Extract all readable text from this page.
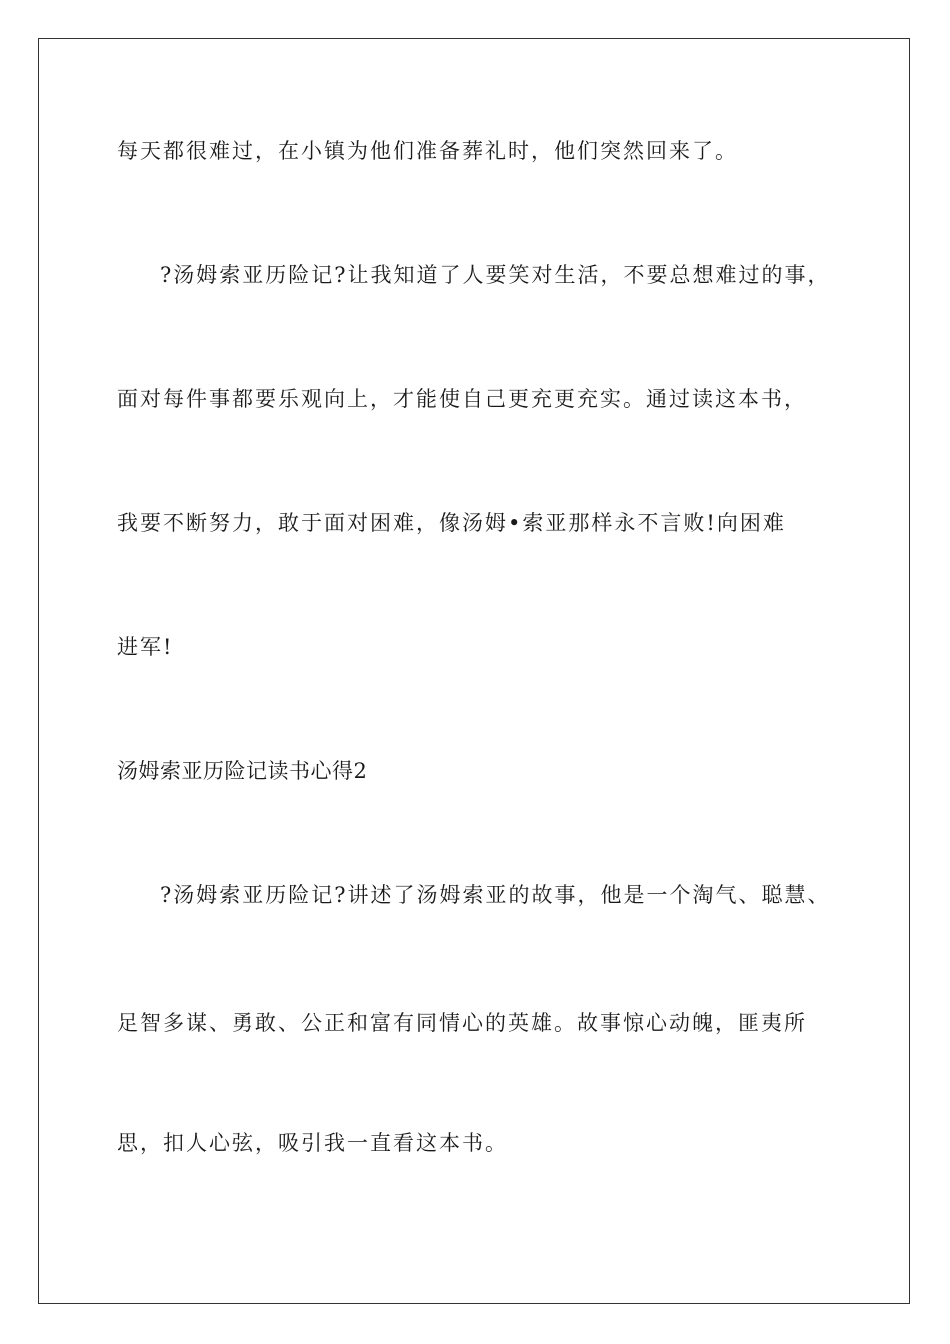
每天都很难过，在小镇为他们准备葬礼时，他们突然回来了。
?汤姆索亚历险记?让我知道了人要笑对生活，不要总想难过的事，
面对每件事都要乐观向上，才能使自己更充更充实。通过读这本书，
我要不断努力，敢于面对困难，像汤姆•索亚那样永不言败!向困难
进军!
汤姆索亚历险记读书心得2
?汤姆索亚历险记?讲述了汤姆索亚的故事，他是一个淘气、聪慧、
足智多谋、勇敢、公正和富有同情心的英雄。故事惊心动魄，匪夷所
思，扣人心弦，吸引我一直看这本书。
